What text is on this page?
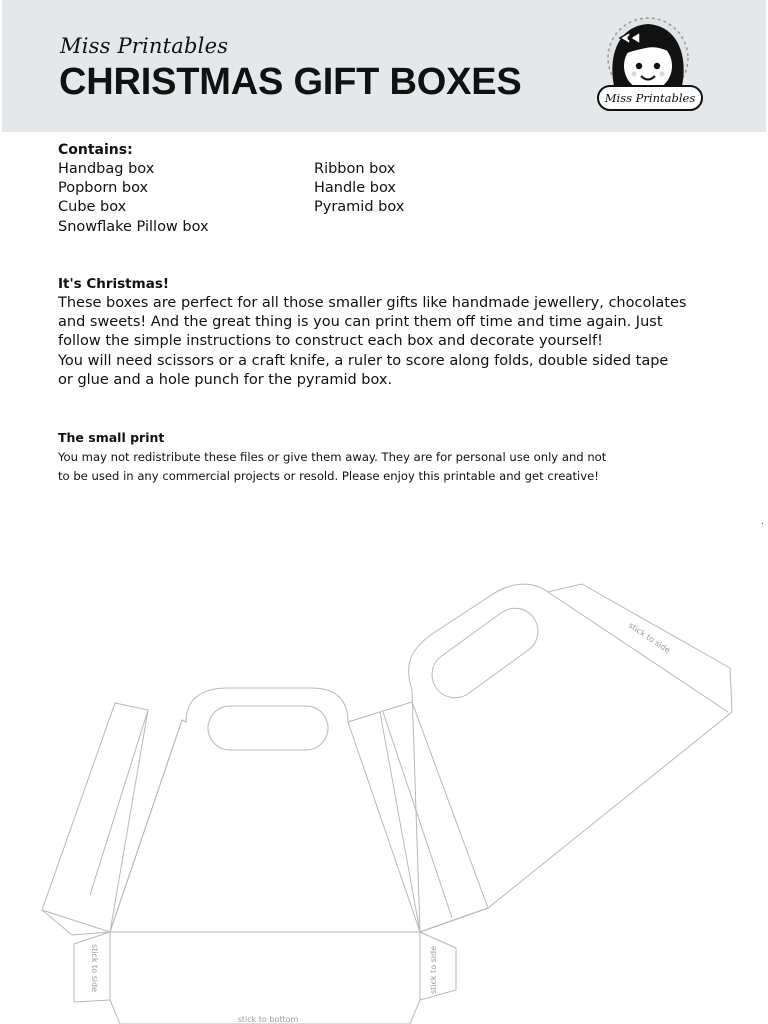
Miss Printables
CHRISTMAS GIFT BOXES	Miss Printables
Contains:
Handbag box
Popborn box
Cube box
Snowflake Pillow box
Ribbon box
Handle box
Pyramid box
It's Christmas!

These boxes are perfect for all those smaller gifts like handmade jewellery, chocolates
and sweets! And the great thing is you can print them off time and time again. Just
follow the simple instructions to construct each box and decorate yourself!
You will need scissors or a craft knife, a ruler to score along folds, double sided tape
or glue and a hole punch for the pyramid box.

The small print

You may not redistribute these files or give them away. They are for personal use only and not
to be used in any commercial projects or resold. Please enjoy this printable and get creative!

.
stick to side
stick to side	stick to side
stick to bottom
